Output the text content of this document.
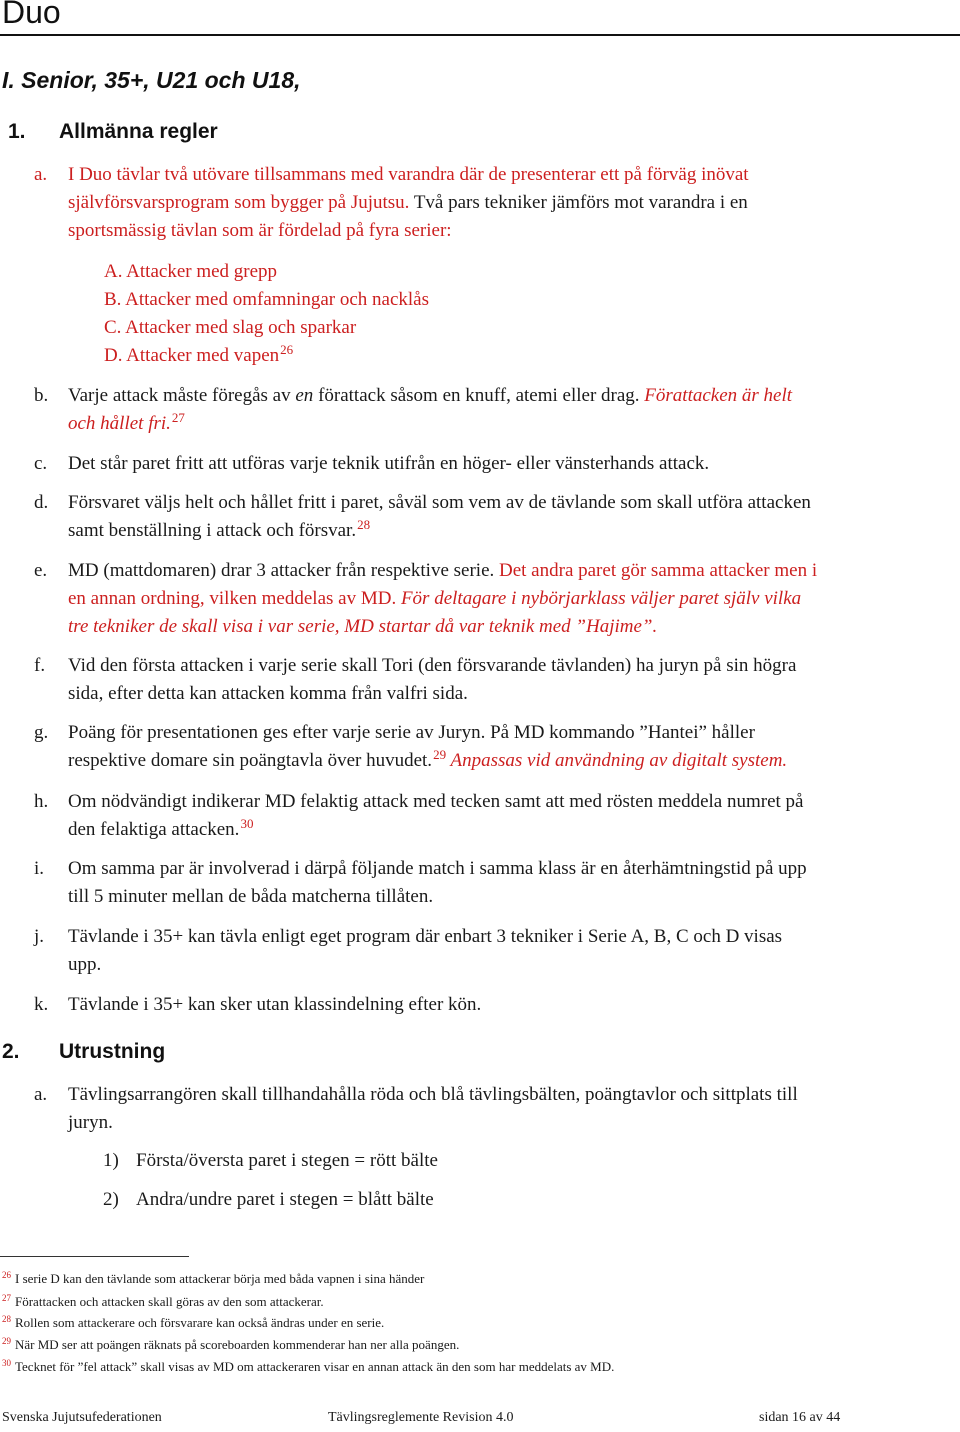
Duo
I. Senior, 35+, U21 och U18,
1. Allmänna regler
a. I Duo tävlar två utövare tillsammans med varandra där de presenterar ett på förväg inövat
självförsvarsprogram som bygger på Jujutsu. Två pars tekniker jämförs mot varandra i en
sportsmässig tävlan som är fördelad på fyra serier:
A. Attacker med grepp
B. Attacker med omfamningar och nacklås
C. Attacker med slag och sparkar
D. Attacker med vapen$^{26}$
b. Varje attack måste föregås av en förattack såsom en knuff, atemi eller drag. Förattacken är helt
och hållet fri.$^{27}$
c. Det står paret fritt att utföras varje teknik utifrån en höger- eller vänsterhands attack.
d. Försvaret väljs helt och hållet fritt i paret, såväl som vem av de tävlande som skall utföra attacken
samt benställning i attack och försvar.$^{28}$
e. MD (mattdomaren) drar 3 attacker från respektive serie. Det andra paret gör samma attacker men i
en annan ordning, vilken meddelas av MD. För deltagare i nybörjarklass väljer paret själv vilka
tre tekniker de skall visa i var serie, MD startar då var teknik med ”Hajime”.
f. Vid den första attacken i varje serie skall Tori (den försvarande tävlanden) ha juryn på sin högra
sida, efter detta kan attacken komma från valfri sida.
g. Poäng för presentationen ges efter varje serie av Juryn. På MD kommando ”Hantei” håller
respektive domare sin poängtavla över huvudet.$^{29}$ Anpassas vid användning av digitalt system.
h. Om nödvändigt indikerar MD felaktig attack med tecken samt att med rösten meddela numret på
den felaktiga attacken.$^{30}$
i. Om samma par är involverad i därpå följande match i samma klass är en återhämtningstid på upp
till 5 minuter mellan de båda matcherna tillåten.
j. Tävlande i 35+ kan tävla enligt eget program där enbart 3 tekniker i Serie A, B, C och D visas
upp.
k. Tävlande i 35+ kan sker utan klassindelning efter kön.
2. Utrustning
a. Tävlingsarrangören skall tillhandahålla röda och blå tävlingsbälten, poängtavlor och sittplats till
juryn.
1) Första/översta paret i stegen = rött bälte
2) Andra/undre paret i stegen = blått bälte
$^{26}$ I serie D kan den tävlande som attackerar börja med båda vapnen i sina händer
$^{27}$ Förattacken och attacken skall göras av den som attackerar.
$^{28}$ Rollen som attackerare och försvarare kan också ändras under en serie.
$^{29}$ När MD ser att poängen räknats på scoreboarden kommenderar han ner alla poängen.
$^{30}$ Tecknet för ”fel attack” skall visas av MD om attackeraren visar en annan attack än den som har meddelats av MD.
Svenska Jujutsufederationen	Tävlingsreglemente Revision 4.0	sidan 16 av 44
